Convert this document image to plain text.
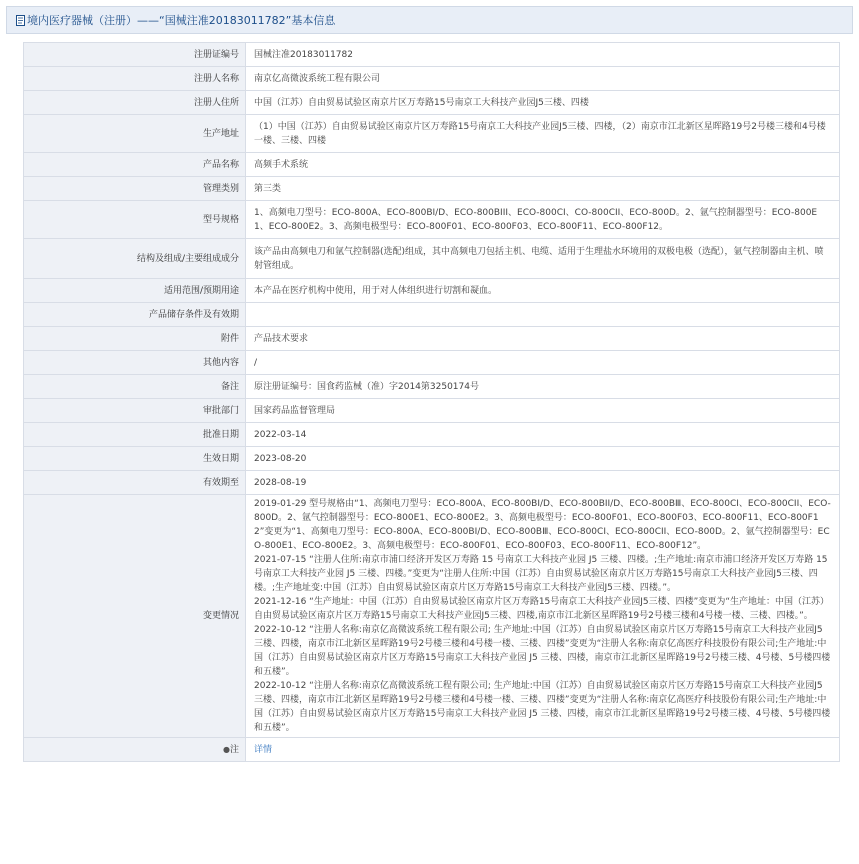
境内医疗器械（注册）——“国械注准20183011782”基本信息
注册证编号	国械注准20183011782
注册人名称	南京亿高微波系统工程有限公司
注册人住所	中国（江苏）自由贸易试验区南京片区万寿路15号南京工大科技产业园J5三楼、四楼
生产地址	（1）中国（江苏）自由贸易试验区南京片区万寿路15号南京工大科技产业园J5三楼、四楼，（2）南京市江北新区星晖路19号2号楼三楼和4号楼一楼、三楼、四楼
产品名称	高频手术系统
管理类别	第三类
型号规格	1、高频电刀型号：ECO-800A、ECO-800BI/D、ECO-800BIII、ECO-800CI、CO-800CII、ECO-800D。2、氩气控制器型号：ECO-800E1、ECO-800E2。3、高频电极型号：ECO-800F01、ECO-800F03、ECO-800F11、ECO-800F12。
结构及组成/主要组成成分	该产品由高频电刀和氩气控制器(选配)组成，其中高频电刀包括主机、电缆、适用于生理盐水环境用的双极电极（选配），氩气控制器由主机、喷射管组成。
适用范围/预期用途	本产品在医疗机构中使用，用于对人体组织进行切割和凝血。
产品储存条件及有效期	
附件	产品技术要求
其他内容	/
备注	原注册证编号：国食药监械（准）字2014第3250174号
审批部门	国家药品监督管理局
批准日期	2022-03-14
生效日期	2023-08-20
有效期至	2028-08-19
变更情况	2019-01-29 型号规格由“1、高频电刀型号：ECO-800A、ECO-800BⅠ/D、ECO-800BII/D、ECO-800BⅢ、ECO-800CⅠ、ECO-800CII、ECO-800D。2、氩气控制器型号：ECO-800E1、ECO-800E2。3、高频电极型号：ECO-800F01、ECO-800F03、ECO-800F11、ECO-800F12”变更为“1、高频电刀型号：ECO-800A、ECO-800BⅠ/D、ECO-800BⅢ、ECO-800CⅠ、ECO-800CII、ECO-800D。2、氩气控制器型号：ECO-800E1、ECO-800E2。3、高频电极型号：ECO-800F01、ECO-800F03、ECO-800F11、ECO-800F12”。

2021-07-15 “注册人住所:南京市浦口经济开发区万寿路 15 号南京工大科技产业园 J5 三楼、四楼。;生产地址:南京市浦口经济开发区万寿路 15 号南京工大科技产业园 J5 三楼、四楼。”变更为“注册人住所:中国（江苏）自由贸易试验区南京片区万寿路15号南京工大科技产业园J5三楼、四楼。;生产地址变:中国（江苏）自由贸易试验区南京片区万寿路15号南京工大科技产业园J5三楼、四楼。”。

2021-12-16 “生产地址：中国（江苏）自由贸易试验区南京片区万寿路15号南京工大科技产业园J5三楼、四楼”变更为“生产地址：中国（江苏）自由贸易试验区南京片区万寿路15号南京工大科技产业园J5三楼、四楼,南京市江北新区星晖路19号2号楼三楼和4号楼一楼、三楼、四楼。”。

2022-10-12 “注册人名称:南京亿高微波系统工程有限公司; 生产地址:中国（江苏）自由贸易试验区南京片区万寿路15号南京工大科技产业园J5三楼、四楼，南京市江北新区星晖路19号2号楼三楼和4号楼一楼、三楼、四楼”变更为“注册人名称:南京亿高医疗科技股份有限公司;生产地址:中国（江苏）自由贸易试验区南京片区万寿路15号南京工大科技产业园 J5 三楼、四楼，南京市江北新区星晖路19号2号楼三楼、4号楼、5号楼四楼和五楼”。

2022-10-12 “注册人名称:南京亿高微波系统工程有限公司; 生产地址:中国（江苏）自由贸易试验区南京片区万寿路15号南京工大科技产业园J5三楼、四楼，南京市江北新区星晖路19号2号楼三楼和4号楼一楼、三楼、四楼”变更为“注册人名称:南京亿高医疗科技股份有限公司;生产地址:中国（江苏）自由贸易试验区南京片区万寿路15号南京工大科技产业园 J5 三楼、四楼，南京市江北新区星晖路19号2号楼三楼、4号楼、5号楼四楼和五楼”。

●注	详情
